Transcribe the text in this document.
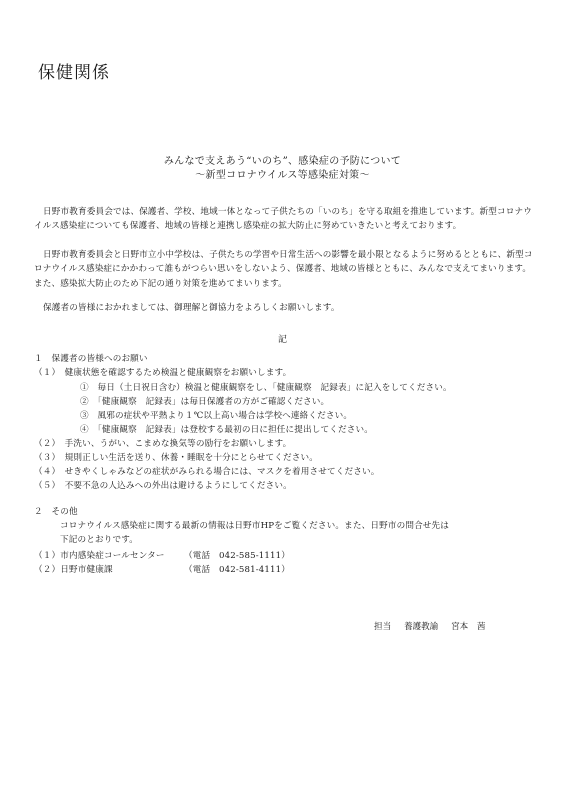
保健関係
みんなで支えあう“いのち”、感染症の予防について
〜新型コロナウイルス等感染症対策〜

日野市教育委員会では、保護者、学校、地域一体となって子供たちの「いのち」を守る取組を推進しています。新型コロナウイルス感染症についても保護者、地域の皆様と連携し感染症の拡大防止に努めていきたいと考えております。

日野市教育委員会と日野市立小中学校は、子供たちの学習や日常生活への影響を最小限となるように努めるとともに、新型コロナウイルス感染症にかかわって誰もがつらい思いをしないよう、保護者、地域の皆様とともに、みんなで支えてまいります。また、感染拡大防止のため下記の通り対策を進めてまいります。

保護者の皆様におかれましては、御理解と御協力をよろしくお願いします。

記
１　保護者の皆様へのお願い
（１）　健康状態を確認するため検温と健康観察をお願いします。
①　毎日（土日祝日含む）検温と健康観察をし、「健康観察　記録表」に記入をしてください。
②　「健康観察　記録表」は毎日保護者の方がご確認ください。
③　風邪の症状や平熱より１℃以上高い場合は学校へ連絡ください。
④　「健康観察　記録表」は登校する最初の日に担任に提出してください。
（２）　手洗い、うがい、こまめな換気等の励行をお願いします。
（３）　規則正しい生活を送り、休養・睡眠を十分にとらせてください。
（４）　せきやくしゃみなどの症状がみられる場合には、マスクを着用させてください。
（５）　不要不急の人込みへの外出は避けるようにしてください。
２　その他
コロナウイルス感染症に関する最新の情報は日野市HPをご覧ください。また、日野市の問合せ先は
下記のとおりです。
（１）市内感染症コールセンター （電話　042-585‐1111）
（２）日野市健康課	（電話　042-581-4111）
担当 養護教諭 宮本　茜
